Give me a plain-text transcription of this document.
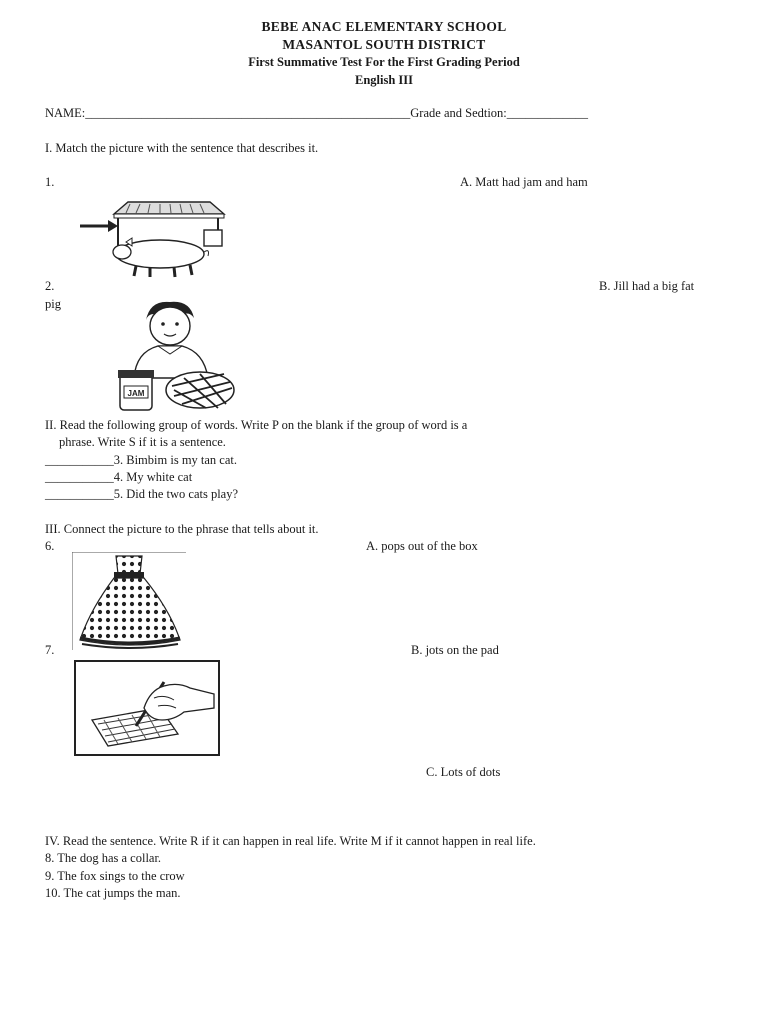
BEBE ANAC ELEMENTARY SCHOOL
MASANTOL SOUTH DISTRICT
First Summative Test For the First Grading Period
English III
NAME:____________________________________________________Grade and Sedtion:_____________
I. Match the picture with the sentence that describes it.
1.	A. Matt had jam and ham
2.	B. Jill had a big fat
pig
JAM
II. Read the following group of words. Write P on the blank if the group of word is a
phrase. Write S if it is a sentence.
___________3. Bimbim is my tan cat.
___________4. My white cat
___________5. Did the two cats play?
III. Connect the picture to the phrase that tells about it.
6.	A. pops out of the box
7.	B. jots on the pad
C. Lots of dots
IV. Read the sentence. Write R if it can happen in real life. Write M if it cannot happen in real life.
8. The dog has a collar.
9. The fox sings to the crow
10. The cat jumps the man.
